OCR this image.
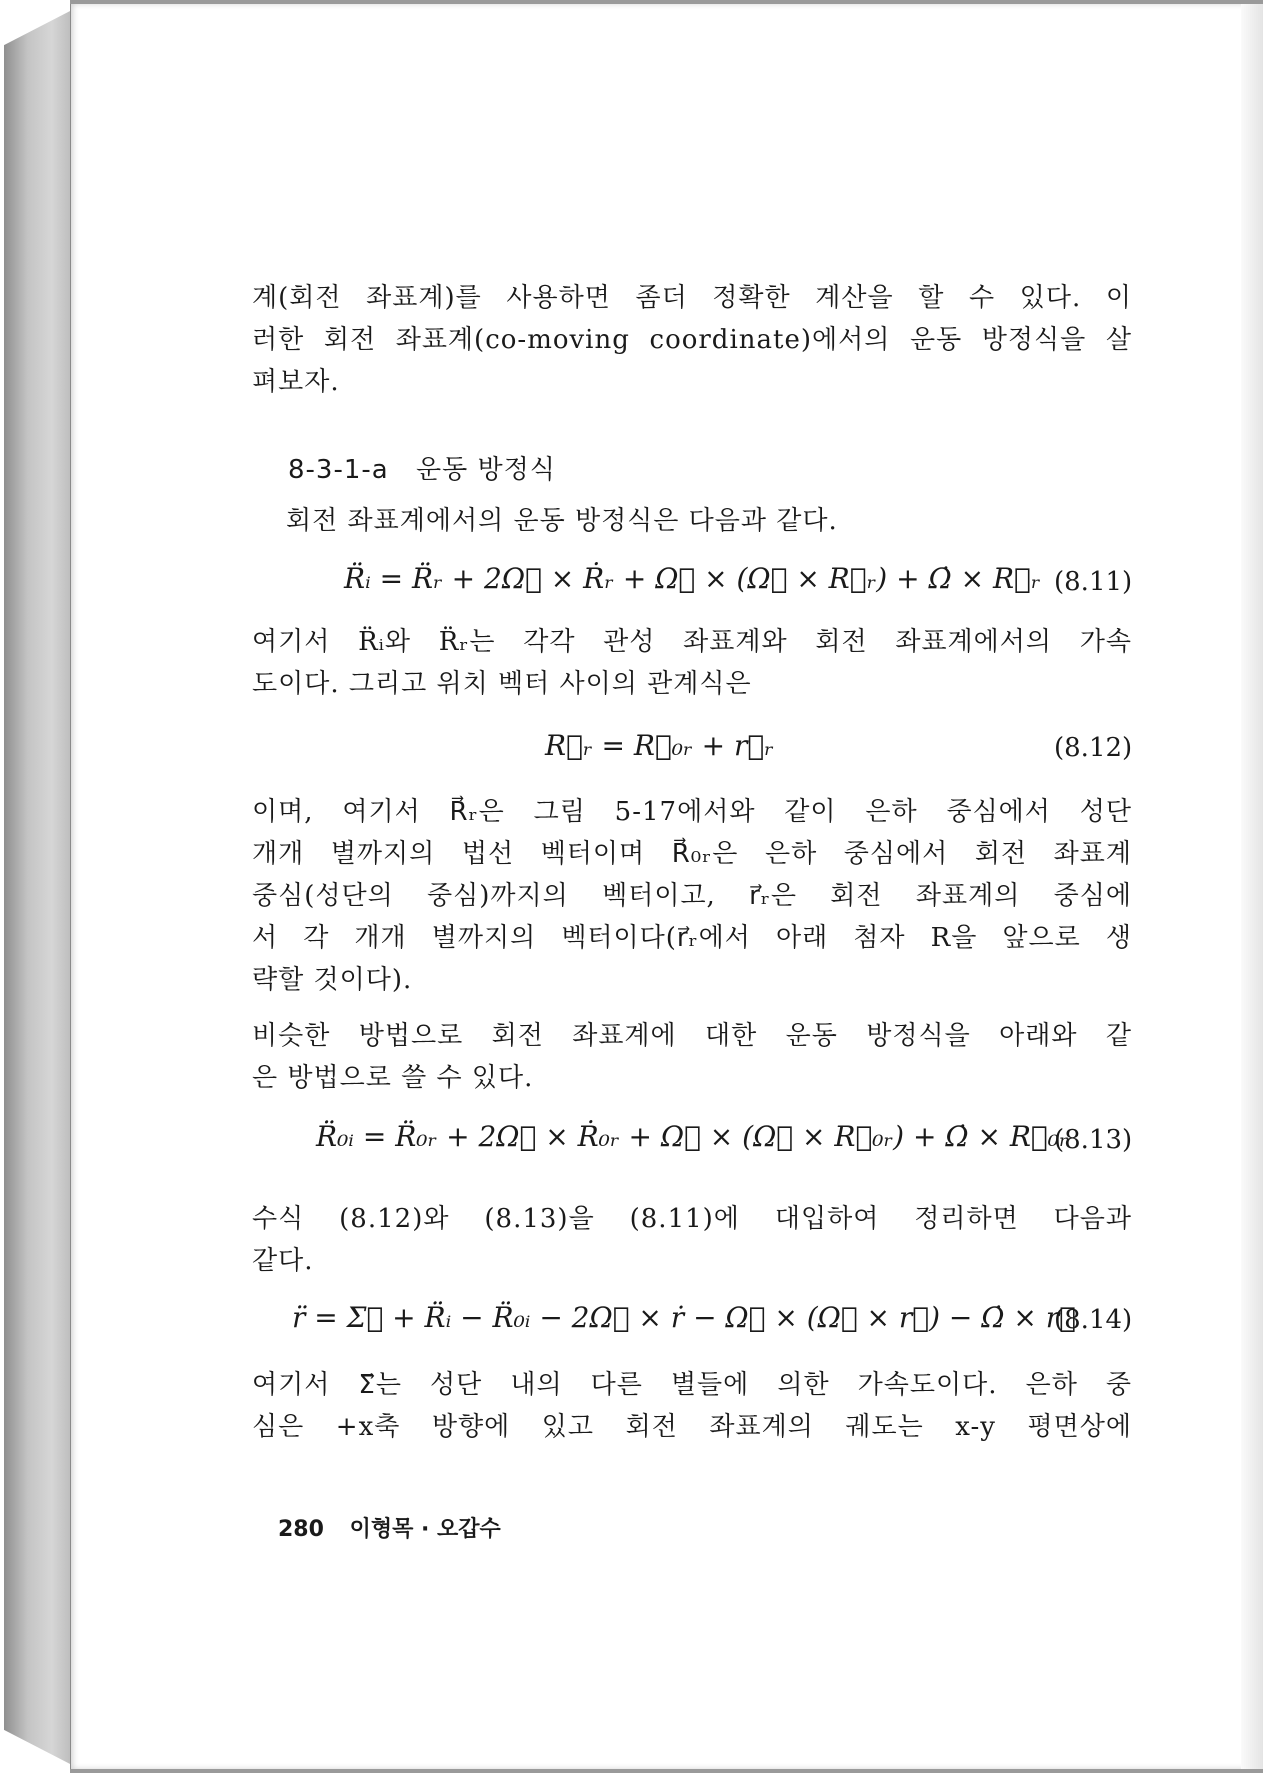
계(회전 좌표계)를 사용하면 좀더 정확한 계산을 할 수 있다. 이
러한 회전 좌표계(co-moving coordinate)에서의 운동 방정식을 살
펴보자.
8-3-1-a 운동 방정식
회전 좌표계에서의 운동 방정식은 다음과 같다.
R̈ᵢ = R̈ᵣ + 2Ω⃗ × Ṙᵣ + Ω⃗ × (Ω⃗ × R⃗ᵣ) + Ω̇ × R⃗ᵣ (8.11)
여기서 R̈ᵢ와 R̈ᵣ는 각각 관성 좌표계와 회전 좌표계에서의 가속
도이다. 그리고 위치 벡터 사이의 관계식은
R⃗ᵣ = R⃗₀ᵣ + r⃗ᵣ	(8.12)
이며, 여기서 R⃗ᵣ은 그림 5-17에서와 같이 은하 중심에서 성단
개개 별까지의 법선 벡터이며 R⃗₀ᵣ은 은하 중심에서 회전 좌표계
중심(성단의 중심)까지의 벡터이고, r⃗ᵣ은 회전 좌표계의 중심에
서 각 개개 별까지의 벡터이다(r⃗ᵣ에서 아래 첨자 R을 앞으로 생
략할 것이다).
비슷한 방법으로 회전 좌표계에 대한 운동 방정식을 아래와 같
은 방법으로 쓸 수 있다.
R̈₀ᵢ = R̈₀ᵣ + 2Ω⃗ × Ṙ₀ᵣ + Ω⃗ × (Ω⃗ × R⃗₀ᵣ) + Ω̇ × R⃗₀ᵣ
(8.13)
수식 (8.12)와 (8.13)을 (8.11)에 대입하여 정리하면 다음과
같다.
r̈ = Σ⃗ + R̈ᵢ − R̈₀ᵢ − 2Ω⃗ × ṙ − Ω⃗ × (Ω⃗ × r⃗) − Ω̇ × r⃗
(8.14)
여기서 Σ⃗는 성단 내의 다른 별들에 의한 가속도이다. 은하 중
심은 +x축 방향에 있고 회전 좌표계의 궤도는 x-y 평면상에
280 이형목 · 오갑수
